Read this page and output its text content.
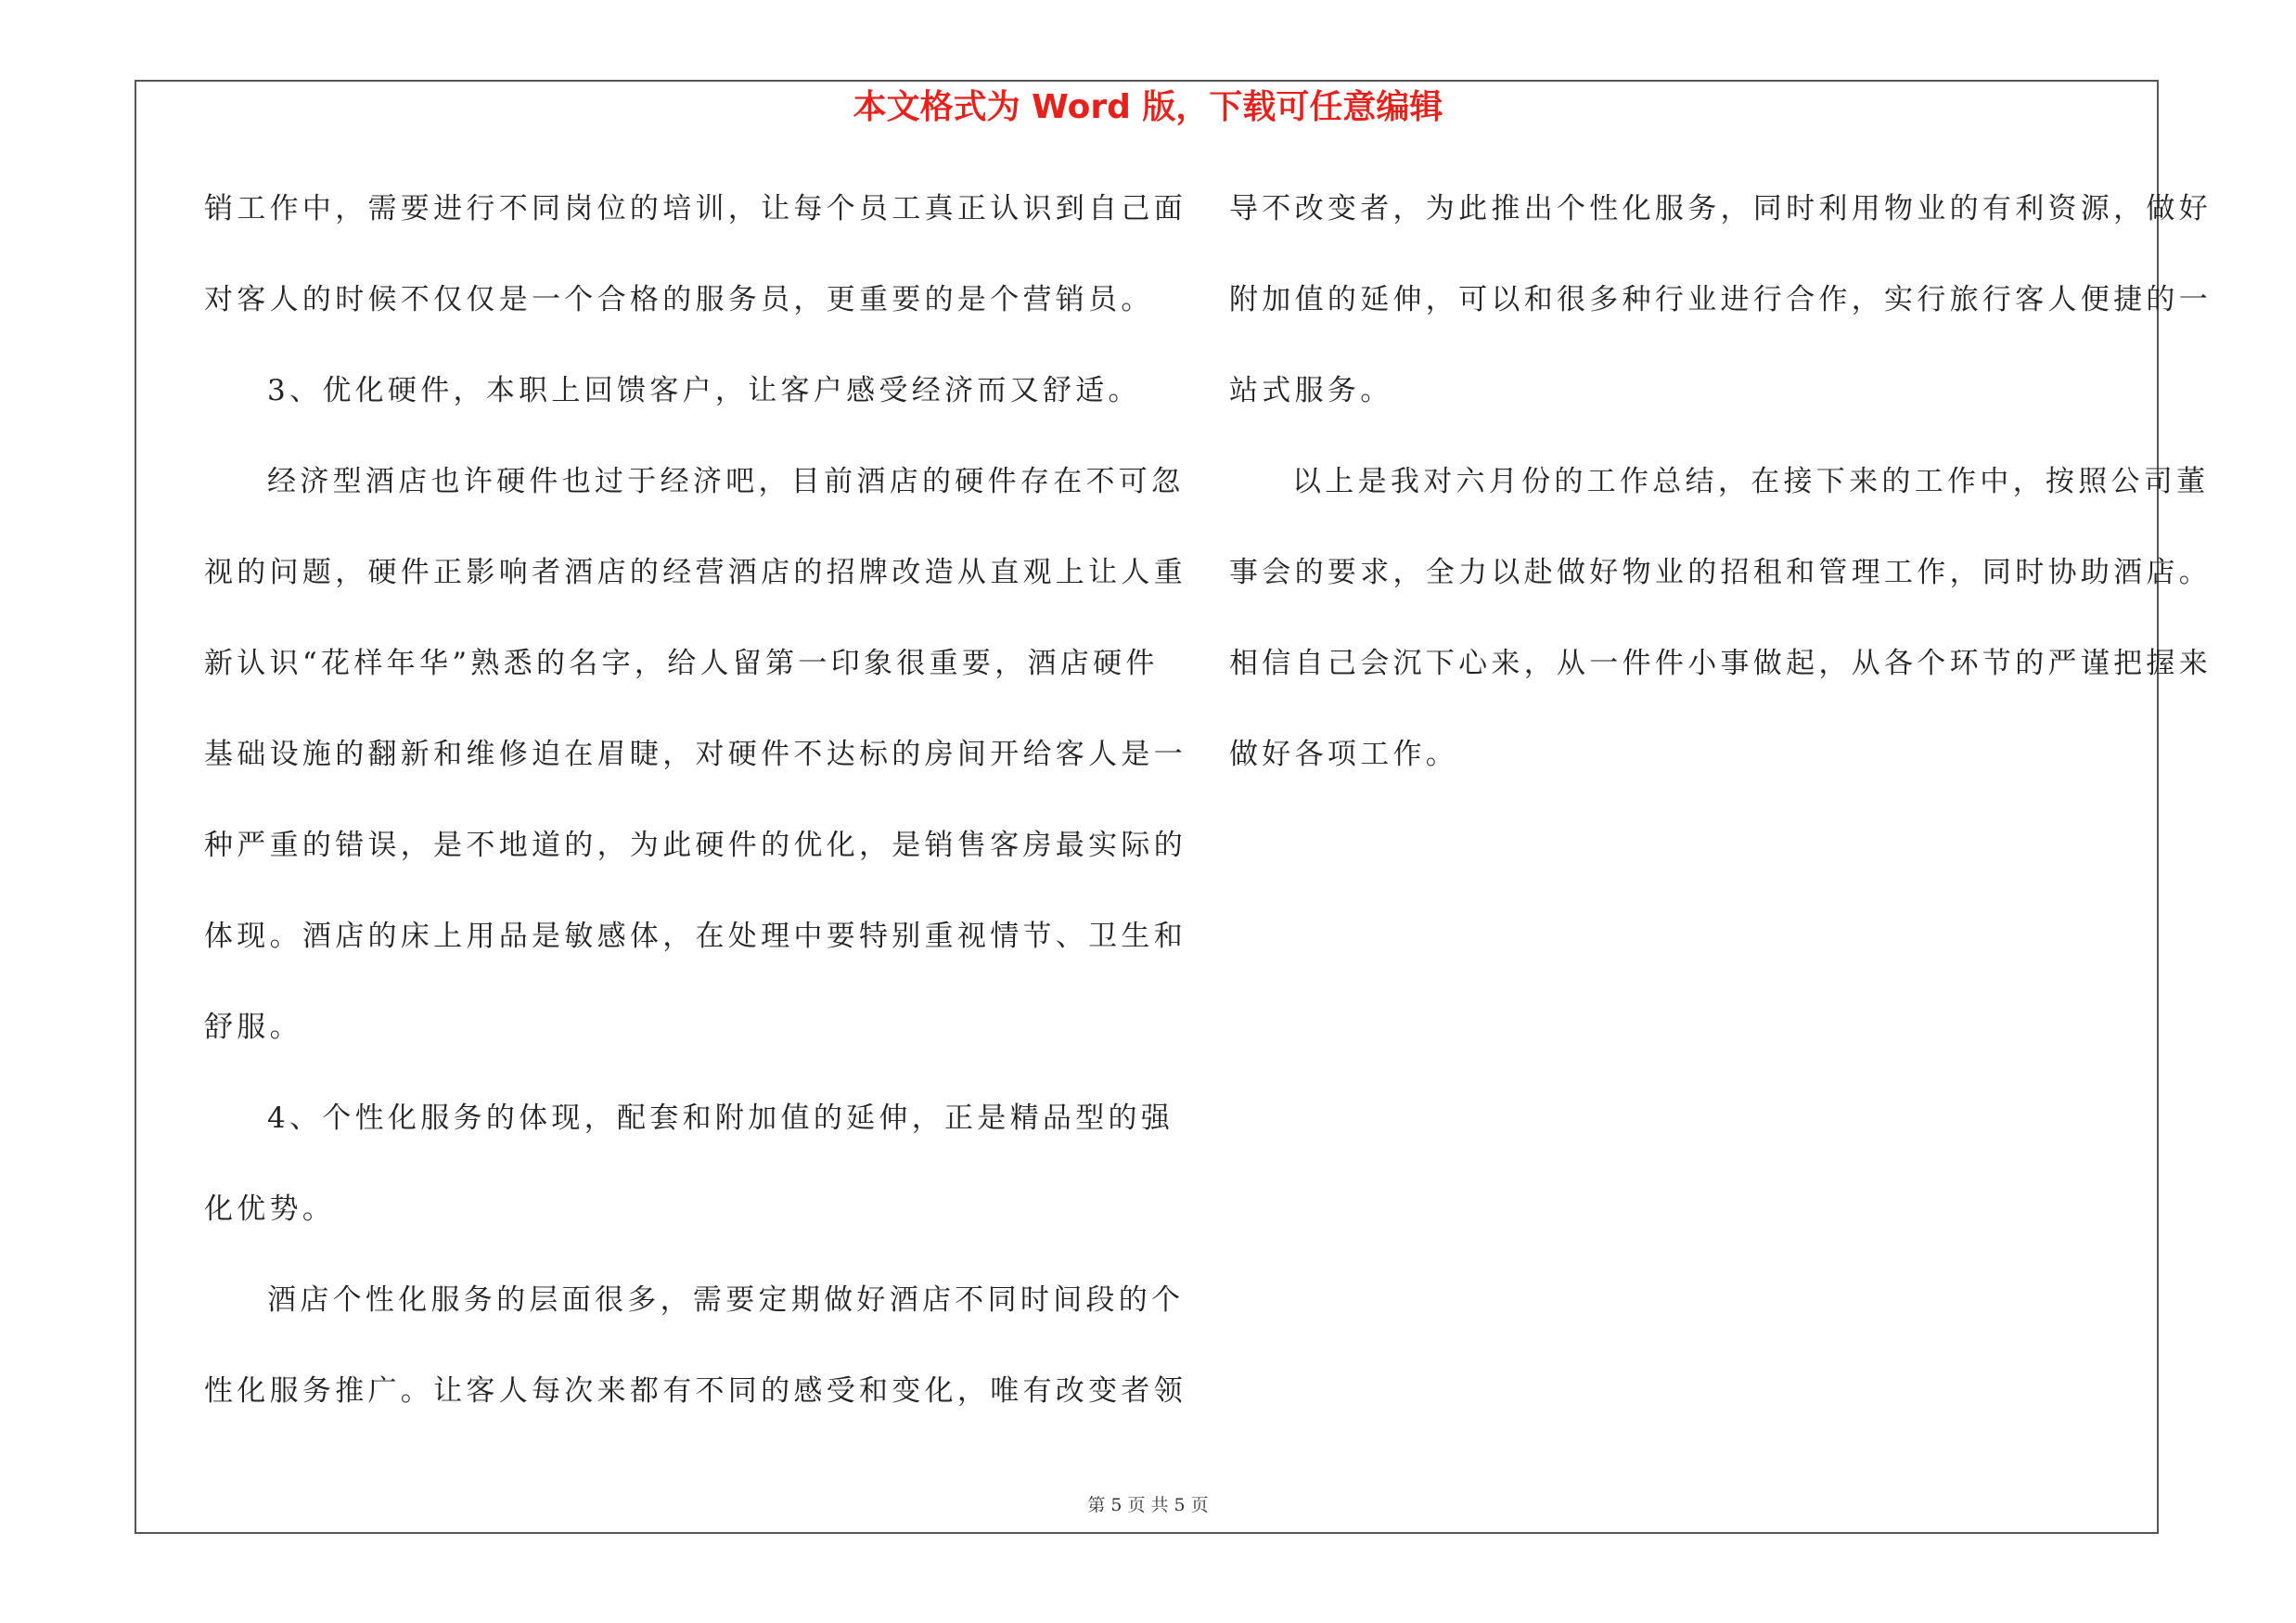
本文格式为 Word 版，下载可任意编辑
销工作中，需要进行不同岗位的培训，让每个员工真正认识到自己面
对客人的时候不仅仅是一个合格的服务员，更重要的是个营销员。
3、优化硬件，本职上回馈客户，让客户感受经济而又舒适。
经济型酒店也许硬件也过于经济吧，目前酒店的硬件存在不可忽
视的问题，硬件正影响者酒店的经营酒店的招牌改造从直观上让人重
新认识“花样年华”熟悉的名字，给人留第一印象很重要，酒店硬件
基础设施的翻新和维修迫在眉睫，对硬件不达标的房间开给客人是一
种严重的错误，是不地道的，为此硬件的优化，是销售客房最实际的
体现。酒店的床上用品是敏感体，在处理中要特别重视情节、卫生和
舒服。
4、个性化服务的体现，配套和附加值的延伸，正是精品型的强
化优势。
酒店个性化服务的层面很多，需要定期做好酒店不同时间段的个
性化服务推广。让客人每次来都有不同的感受和变化，唯有改变者领
导不改变者，为此推出个性化服务，同时利用物业的有利资源，做好
附加值的延伸，可以和很多种行业进行合作，实行旅行客人便捷的一
站式服务。
以上是我对六月份的工作总结，在接下来的工作中，按照公司董
事会的要求，全力以赴做好物业的招租和管理工作，同时协助酒店。
相信自己会沉下心来，从一件件小事做起，从各个环节的严谨把握来
做好各项工作。
第 5 页 共 5 页
